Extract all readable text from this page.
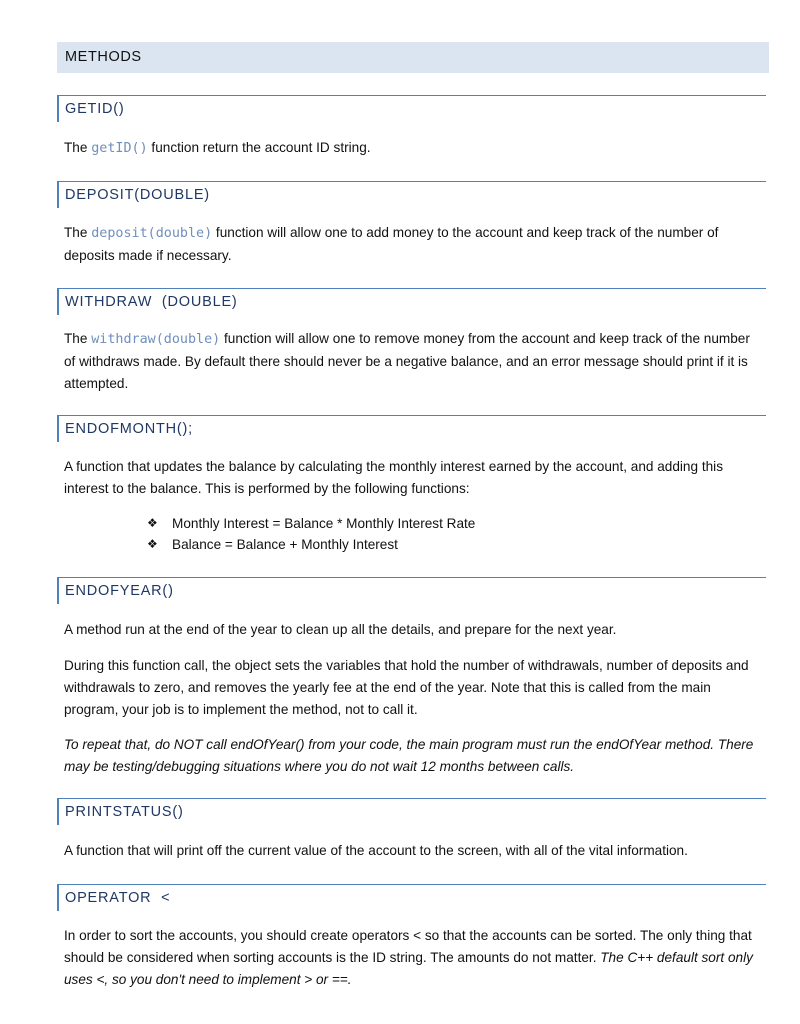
METHODS
GETID()

The getID() function return the account ID string.

DEPOSIT(DOUBLE)

The deposit(double) function will allow one to add money to the account and keep track of the number of deposits made if necessary.

WITHDRAW  (DOUBLE)

The withdraw(double) function will allow one to remove money from the account and keep track of the number of withdraws made. By default there should never be a negative balance, and an error message should print if it is attempted.

ENDOFMONTH();

A function that updates the balance by calculating the monthly interest earned by the account, and adding this interest to the balance. This is performed by the following functions:

❖ Monthly Interest = Balance * Monthly Interest Rate
❖ Balance = Balance + Monthly Interest
ENDOFYEAR()

A method run at the end of the year to clean up all the details, and prepare for the next year.

During this function call, the object sets the variables that hold the number of withdrawals, number of deposits and withdrawals to zero, and removes the yearly fee at the end of the year. Note that this is called from the main program, your job is to implement the method, not to call it.

To repeat that, do NOT call endOfYear() from your code, the main program must run the endOfYear method. There may be testing/debugging situations where you do not wait 12 months between calls.

PRINTSTATUS()

A function that will print off the current value of the account to the screen, with all of the vital information.

OPERATOR  <

In order to sort the accounts, you should create operators < so that the accounts can be sorted. The only thing that should be considered when sorting accounts is the ID string. The amounts do not matter. The C++ default sort only uses <, so you don't need to implement > or ==.
